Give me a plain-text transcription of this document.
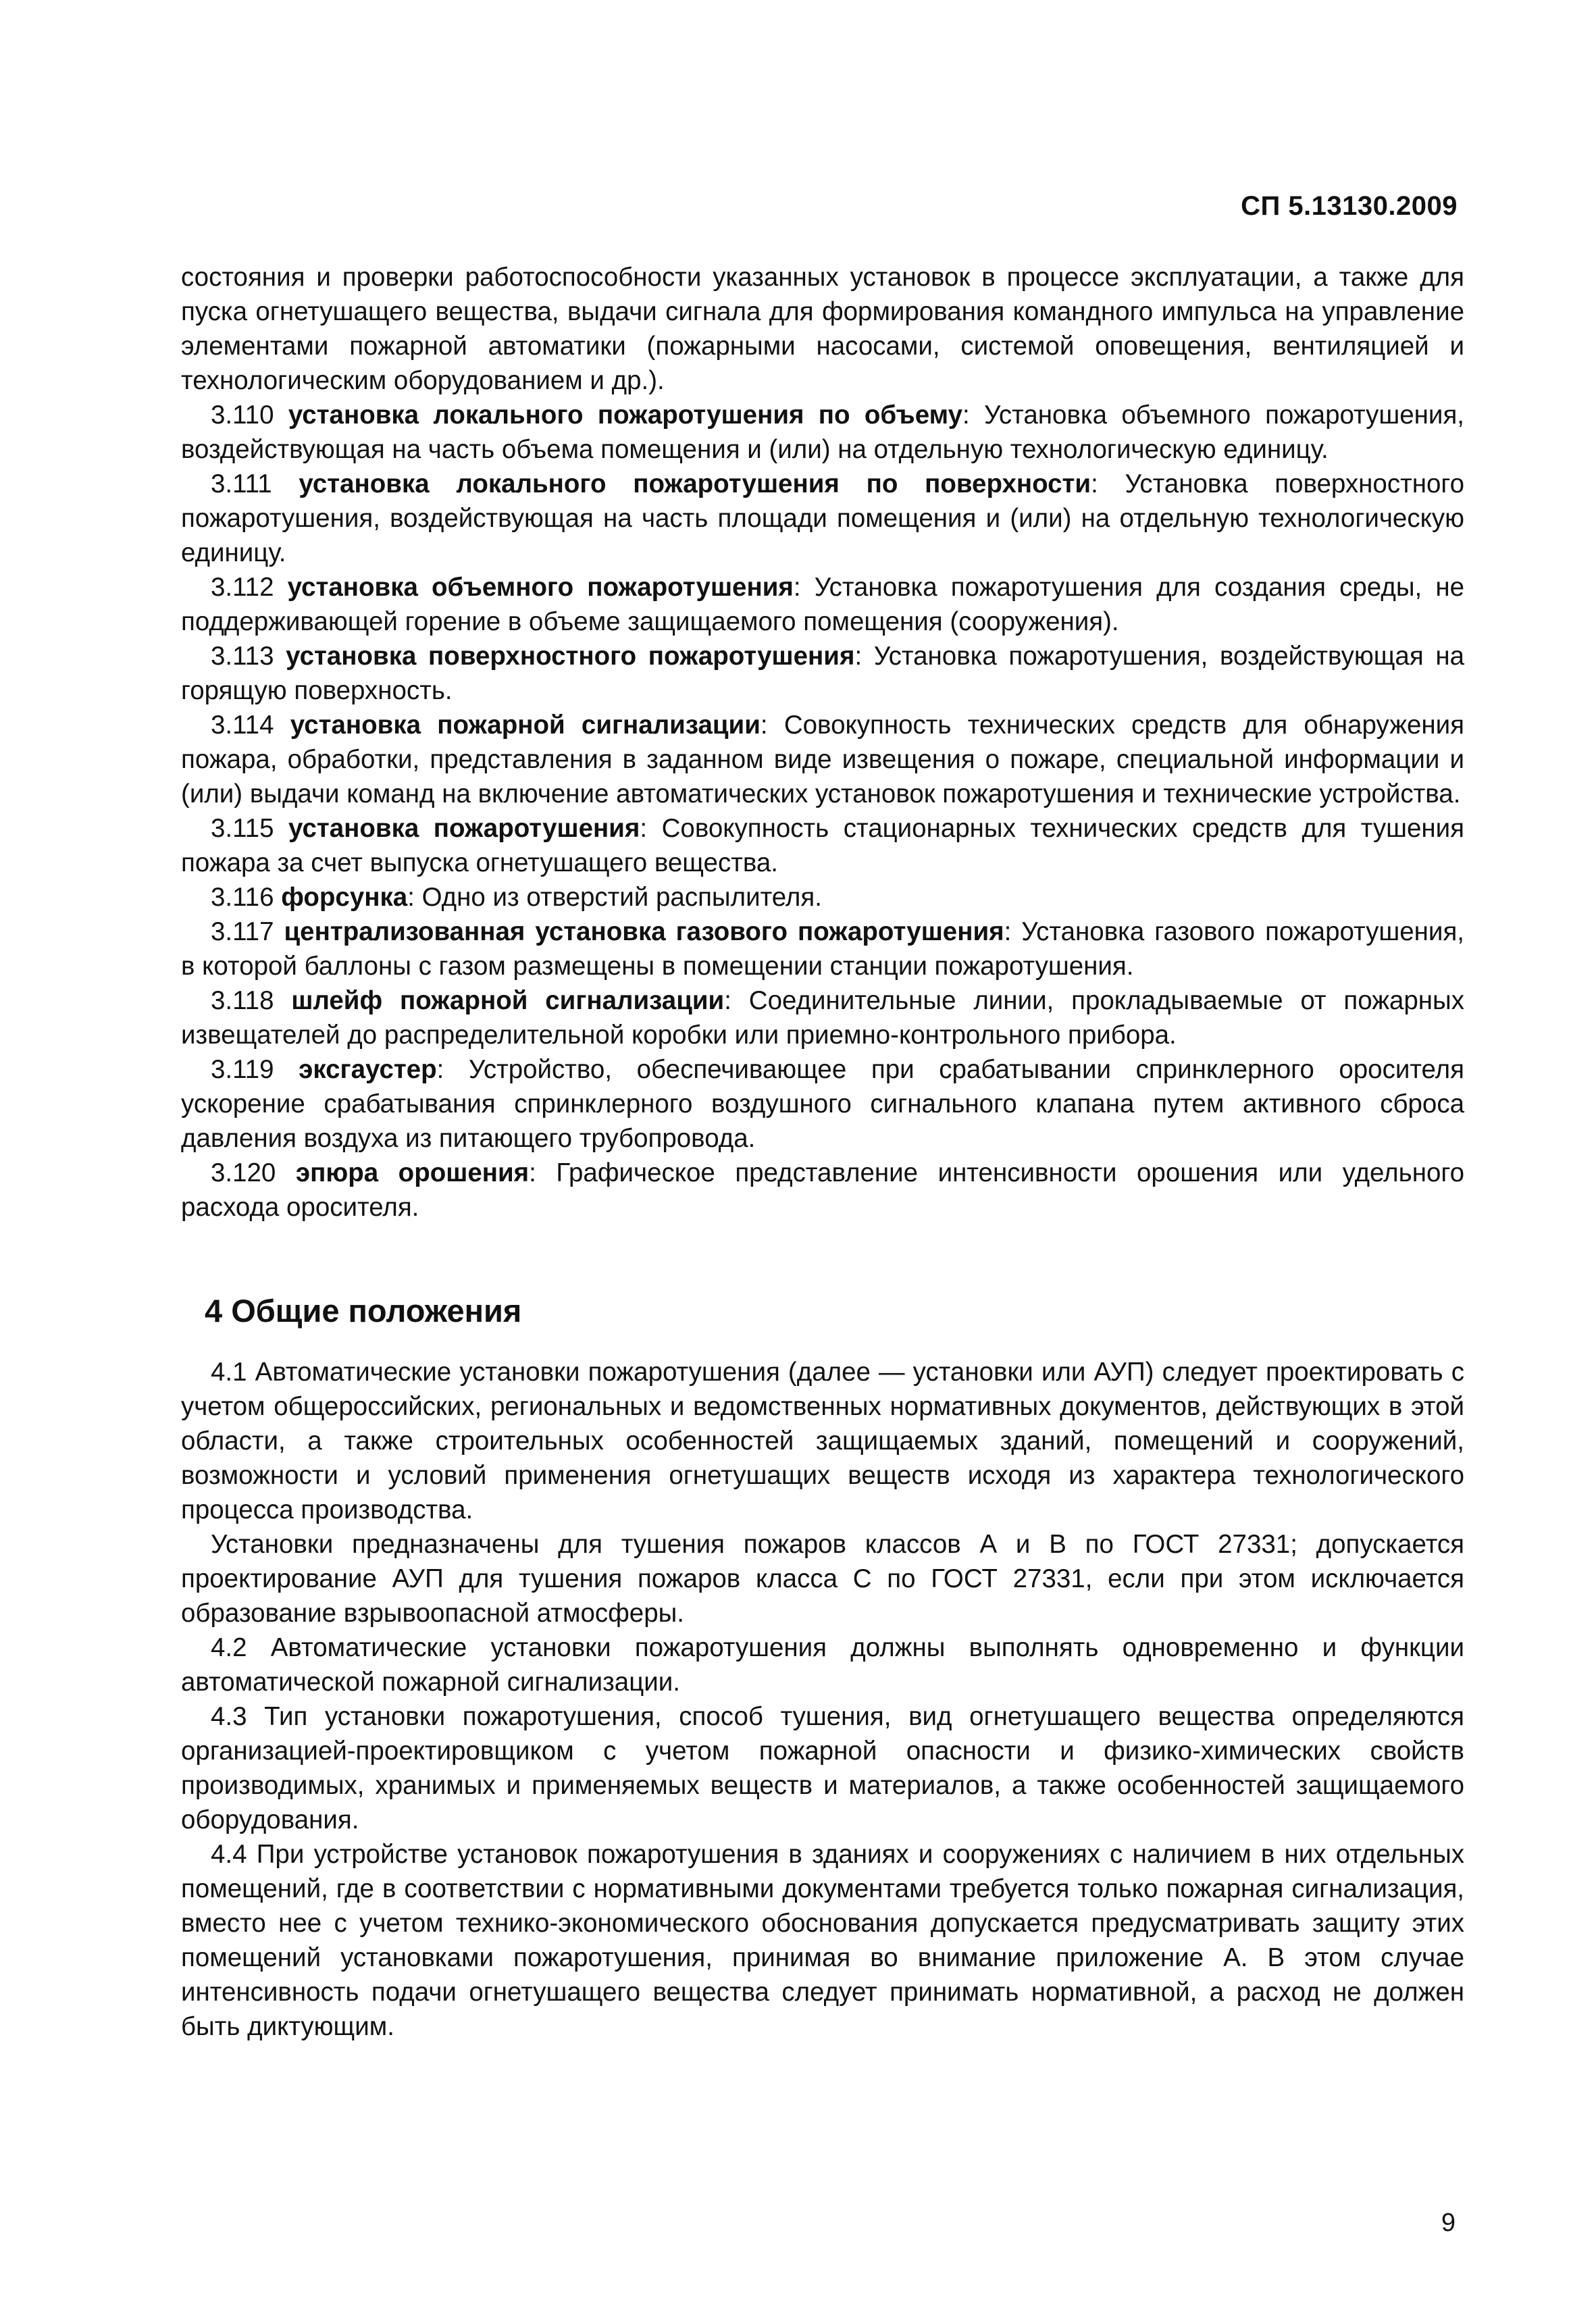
СП 5.13130.2009

состояния и проверки работоспособности указанных установок в процессе эксплуатации, а также для пуска огнетушащего вещества, выдачи сигнала для формирования командного импульса на управление элементами пожарной автоматики (пожарными насосами, системой оповещения, вентиляцией и технологическим оборудованием и др.).

3.110 установка локального пожаротушения по объему: Установка объемного пожаротушения, воздействующая на часть объема помещения и (или) на отдельную технологическую единицу.

3.111 установка локального пожаротушения по поверхности: Установка поверхностного пожаротушения, воздействующая на часть площади помещения и (или) на отдельную технологическую единицу.

3.112 установка объемного пожаротушения: Установка пожаротушения для создания среды, не поддерживающей горение в объеме защищаемого помещения (сооружения).

3.113 установка поверхностного пожаротушения: Установка пожаротушения, воздействующая на горящую поверхность.

3.114 установка пожарной сигнализации: Совокупность технических средств для обнаружения пожара, обработки, представления в заданном виде извещения о пожаре, специальной информации и (или) выдачи команд на включение автоматических установок пожаротушения и технические устройства.

3.115 установка пожаротушения: Совокупность стационарных технических средств для тушения пожара за счет выпуска огнетушащего вещества.

3.116 форсунка: Одно из отверстий распылителя.

3.117 централизованная установка газового пожаротушения: Установка газового пожаротушения, в которой баллоны с газом размещены в помещении станции пожаротушения.

3.118 шлейф пожарной сигнализации: Соединительные линии, прокладываемые от пожарных извещателей до распределительной коробки или приемно-контрольного прибора.

3.119 эксгаустер: Устройство, обеспечивающее при срабатывании спринклерного оросителя ускорение срабатывания спринклерного воздушного сигнального клапана путем активного сброса давления воздуха из питающего трубопровода.

3.120 эпюра орошения: Графическое представление интенсивности орошения или удельного расхода оросителя.

4 Общие положения

4.1 Автоматические установки пожаротушения (далее — установки или АУП) следует проектировать с учетом общероссийских, региональных и ведомственных нормативных документов, действующих в этой области, а также строительных особенностей защищаемых зданий, помещений и сооружений, возможности и условий применения огнетушащих веществ исходя из характера технологического процесса производства.

Установки предназначены для тушения пожаров классов А и В по ГОСТ 27331; допускается проектирование АУП для тушения пожаров класса С по ГОСТ 27331, если при этом исключается образование взрывоопасной атмосферы.

4.2 Автоматические установки пожаротушения должны выполнять одновременно и функции автоматической пожарной сигнализации.

4.3 Тип установки пожаротушения, способ тушения, вид огнетушащего вещества определяются организацией-проектировщиком с учетом пожарной опасности и физико-химических свойств производимых, хранимых и применяемых веществ и материалов, а также особенностей защищаемого оборудования.

4.4 При устройстве установок пожаротушения в зданиях и сооружениях с наличием в них отдельных помещений, где в соответствии с нормативными документами требуется только пожарная сигнализация, вместо нее с учетом технико-экономического обоснования допускается предусматривать защиту этих помещений установками пожаротушения, принимая во внимание приложение А. В этом случае интенсивность подачи огнетушащего вещества следует принимать нормативной, а расход не должен быть диктующим.

9
